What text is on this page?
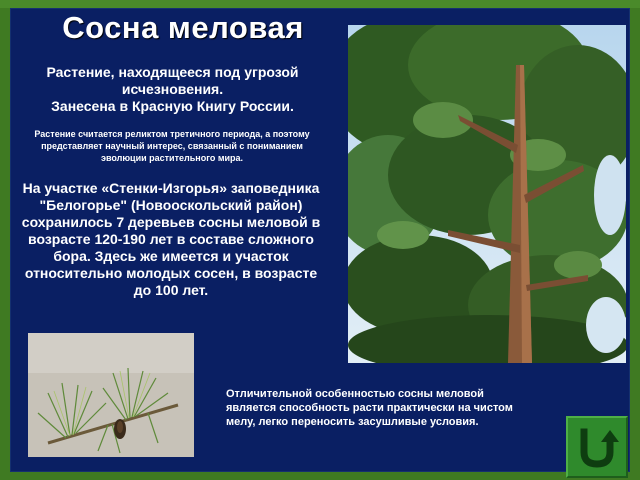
Сосна меловая
Растение, находящееся под угрозой исчезновения.
Занесена в Красную Книгу России.
Растение считается реликтом третичного периода, а поэтому представляет научный интерес, связанный с пониманием эволюции растительного мира.
На участке «Стенки-Изгорья» заповедника "Белогорье" (Новооскольский район) сохранилось 7 деревьев сосны меловой в возрасте 120-190 лет в составе сложного бора. Здесь же имеется и участок относительно молодых сосен, в возрасте до 100 лет.
Отличительной особенностью сосны меловой является способность расти практически на чистом мелу, легко переносить засушливые условия.
